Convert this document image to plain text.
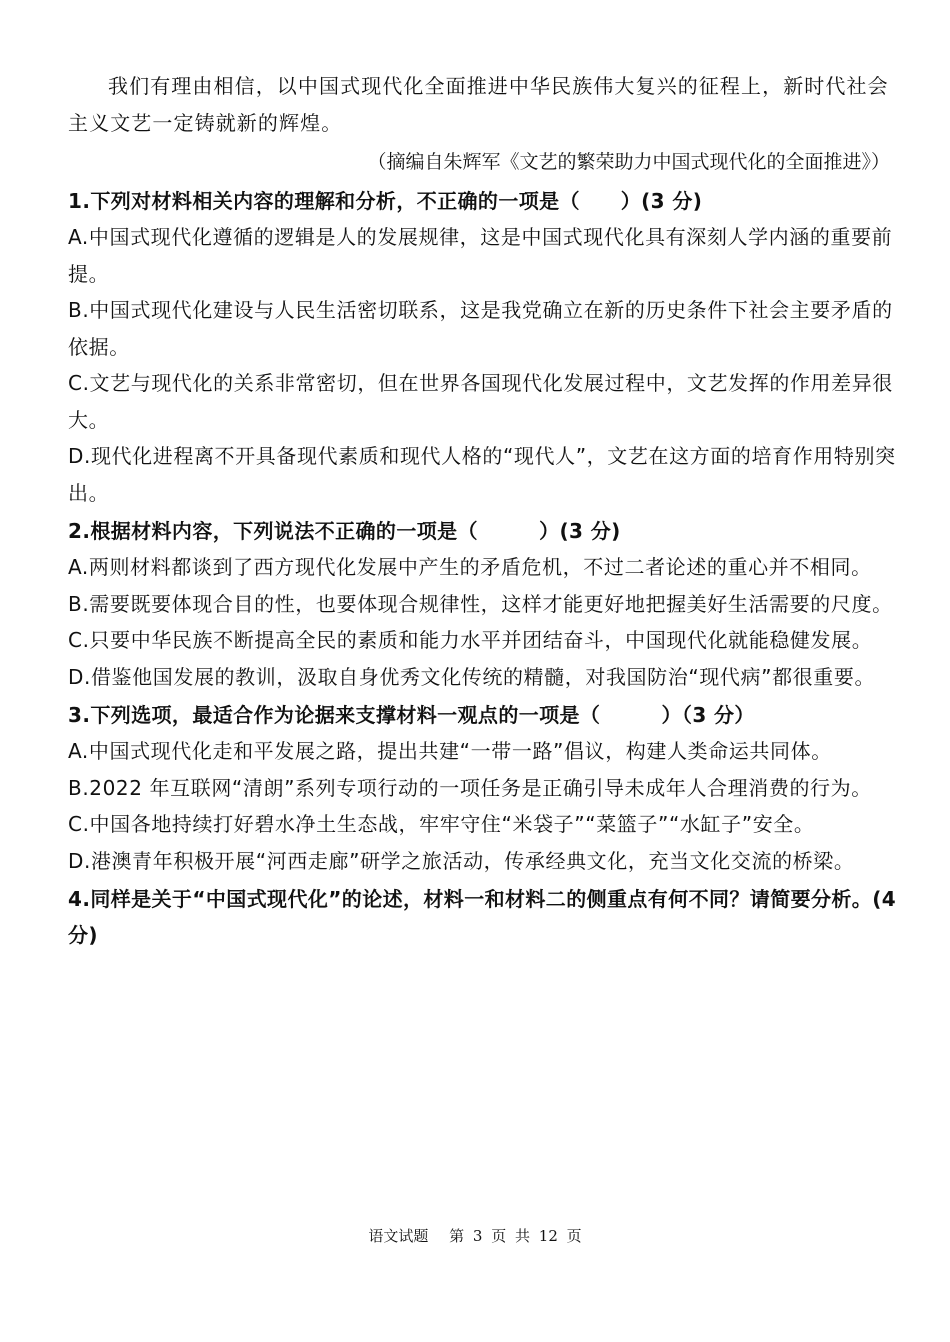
我们有理由相信，以中国式现代化全面推进中华民族伟大复兴的征程上，新时代社会主义文艺一定铸就新的辉煌。

（摘编自朱辉军《文艺的繁荣助力中国式现代化的全面推进》）

1.下列对材料相关内容的理解和分析，不正确的一项是（　　）(3 分)

A.中国式现代化遵循的逻辑是人的发展规律，这是中国式现代化具有深刻人学内涵的重要前提。

B.中国式现代化建设与人民生活密切联系，这是我党确立在新的历史条件下社会主要矛盾的依据。

C.文艺与现代化的关系非常密切，但在世界各国现代化发展过程中，文艺发挥的作用差异很大。

D.现代化进程离不开具备现代素质和现代人格的“现代人”，文艺在这方面的培育作用特别突出。

2.根据材料内容，下列说法不正确的一项是（　　　）(3 分)

A.两则材料都谈到了西方现代化发展中产生的矛盾危机，不过二者论述的重心并不相同。

B.需要既要体现合目的性，也要体现合规律性，这样才能更好地把握美好生活需要的尺度。

C.只要中华民族不断提高全民的素质和能力水平并团结奋斗，中国现代化就能稳健发展。

D.借鉴他国发展的教训，汲取自身优秀文化传统的精髓，对我国防治“现代病”都很重要。

3.下列选项，最适合作为论据来支撑材料一观点的一项是（　　　）（3 分）

A.中国式现代化走和平发展之路，提出共建“一带一路”倡议，构建人类命运共同体。

B.2022 年互联网“清朗”系列专项行动的一项任务是正确引导未成年人合理消费的行为。

C.中国各地持续打好碧水净土生态战，牢牢守住“米袋子”“菜篮子”“水缸子”安全。

D.港澳青年积极开展“河西走廊”研学之旅活动，传承经典文化，充当文化交流的桥梁。

4.同样是关于“中国式现代化”的论述，材料一和材料二的侧重点有何不同？请简要分析。(4 分)

语文试题 第 3 页 共 12 页
